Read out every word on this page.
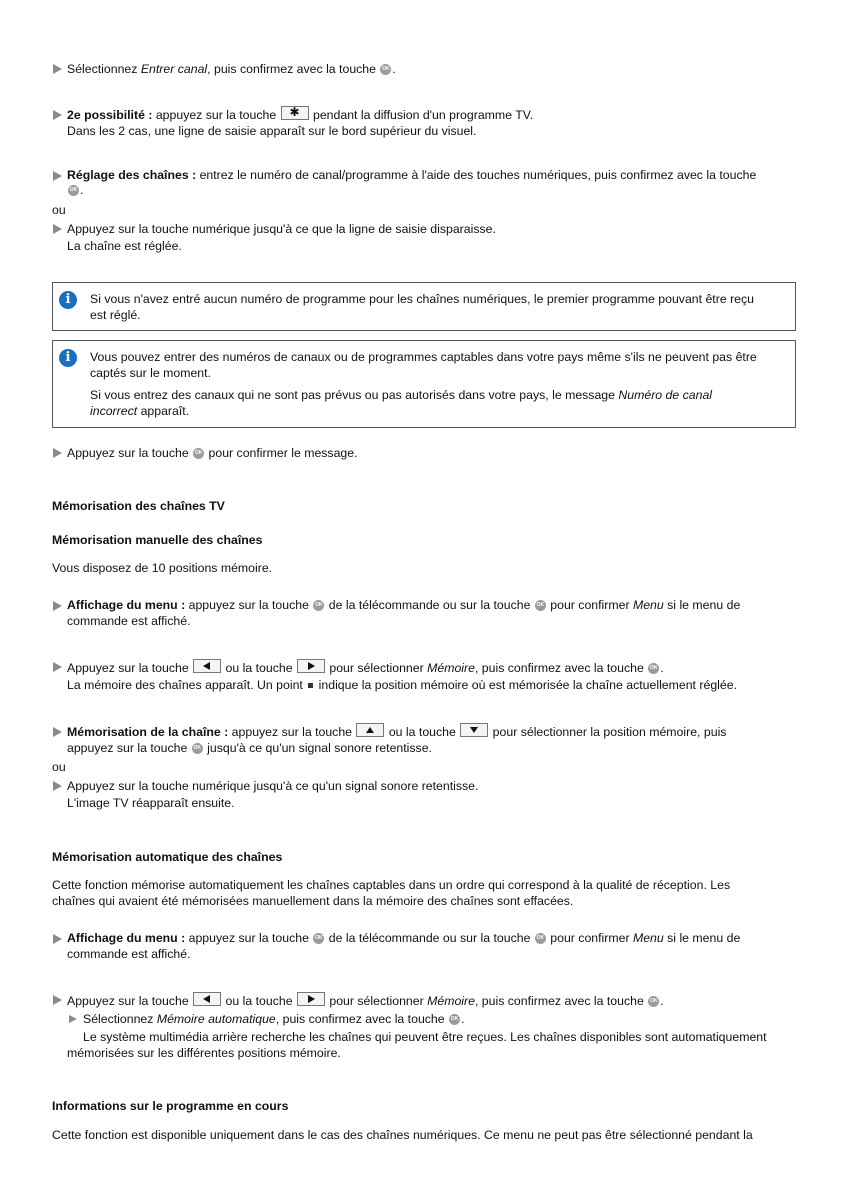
Sélectionnez Entrer canal, puis confirmez avec la touche OK .
2e possibilité : appuyez sur la touche ✱ pendant la diffusion d'un programme TV.
Dans les 2 cas, une ligne de saisie apparaît sur le bord supérieur du visuel.
Réglage des chaînes : entrez le numéro de canal/programme à l'aide des touches numériques, puis confirmez avec la touche
OK .
ou
Appuyez sur la touche numérique jusqu'à ce que la ligne de saisie disparaisse.
La chaîne est réglée.
i	Si vous n'avez entré aucun numéro de programme pour les chaînes numériques, le premier programme pouvant être reçu
est réglé.
i	Vous pouvez entrer des numéros de canaux ou de programmes captables dans votre pays même s'ils ne peuvent pas être
captés sur le moment.
Si vous entrez des canaux qui ne sont pas prévus ou pas autorisés dans votre pays, le message Numéro de canal
incorrect apparaît.
Appuyez sur la touche OK pour confirmer le message.
Mémorisation des chaînes TV
Mémorisation manuelle des chaînes
Vous disposez de 10 positions mémoire.
Affichage du menu : appuyez sur la touche OK de la télécommande ou sur la touche OK pour confirmer Menu si le menu de
commande est affiché.
Appuyez sur la touche
ou la touche
pour sélectionner Mémoire, puis confirmez avec la touche OK .
La mémoire des chaînes apparaît. Un point  indique la position mémoire où est mémorisée la chaîne actuellement réglée.
Mémorisation de la chaîne : appuyez sur la touche
ou la touche
pour sélectionner la position mémoire, puis
appuyez sur la touche OK jusqu'à ce qu'un signal sonore retentisse.
ou
Appuyez sur la touche numérique jusqu'à ce qu'un signal sonore retentisse.
L'image TV réapparaît ensuite.
Mémorisation automatique des chaînes
Cette fonction mémorise automatiquement les chaînes captables dans un ordre qui correspond à la qualité de réception. Les
chaînes qui avaient été mémorisées manuellement dans la mémoire des chaînes sont effacées.
Affichage du menu : appuyez sur la touche OK de la télécommande ou sur la touche OK pour confirmer Menu si le menu de
commande est affiché.
Appuyez sur la touche
ou la touche
pour sélectionner Mémoire, puis confirmez avec la touche OK .
Sélectionnez Mémoire automatique, puis confirmez avec la touche OK .
Le système multimédia arrière recherche les chaînes qui peuvent être reçues. Les chaînes disponibles sont automatiquement
mémorisées sur les différentes positions mémoire.
Informations sur le programme en cours
Cette fonction est disponible uniquement dans le cas des chaînes numériques. Ce menu ne peut pas être sélectionné pendant la
